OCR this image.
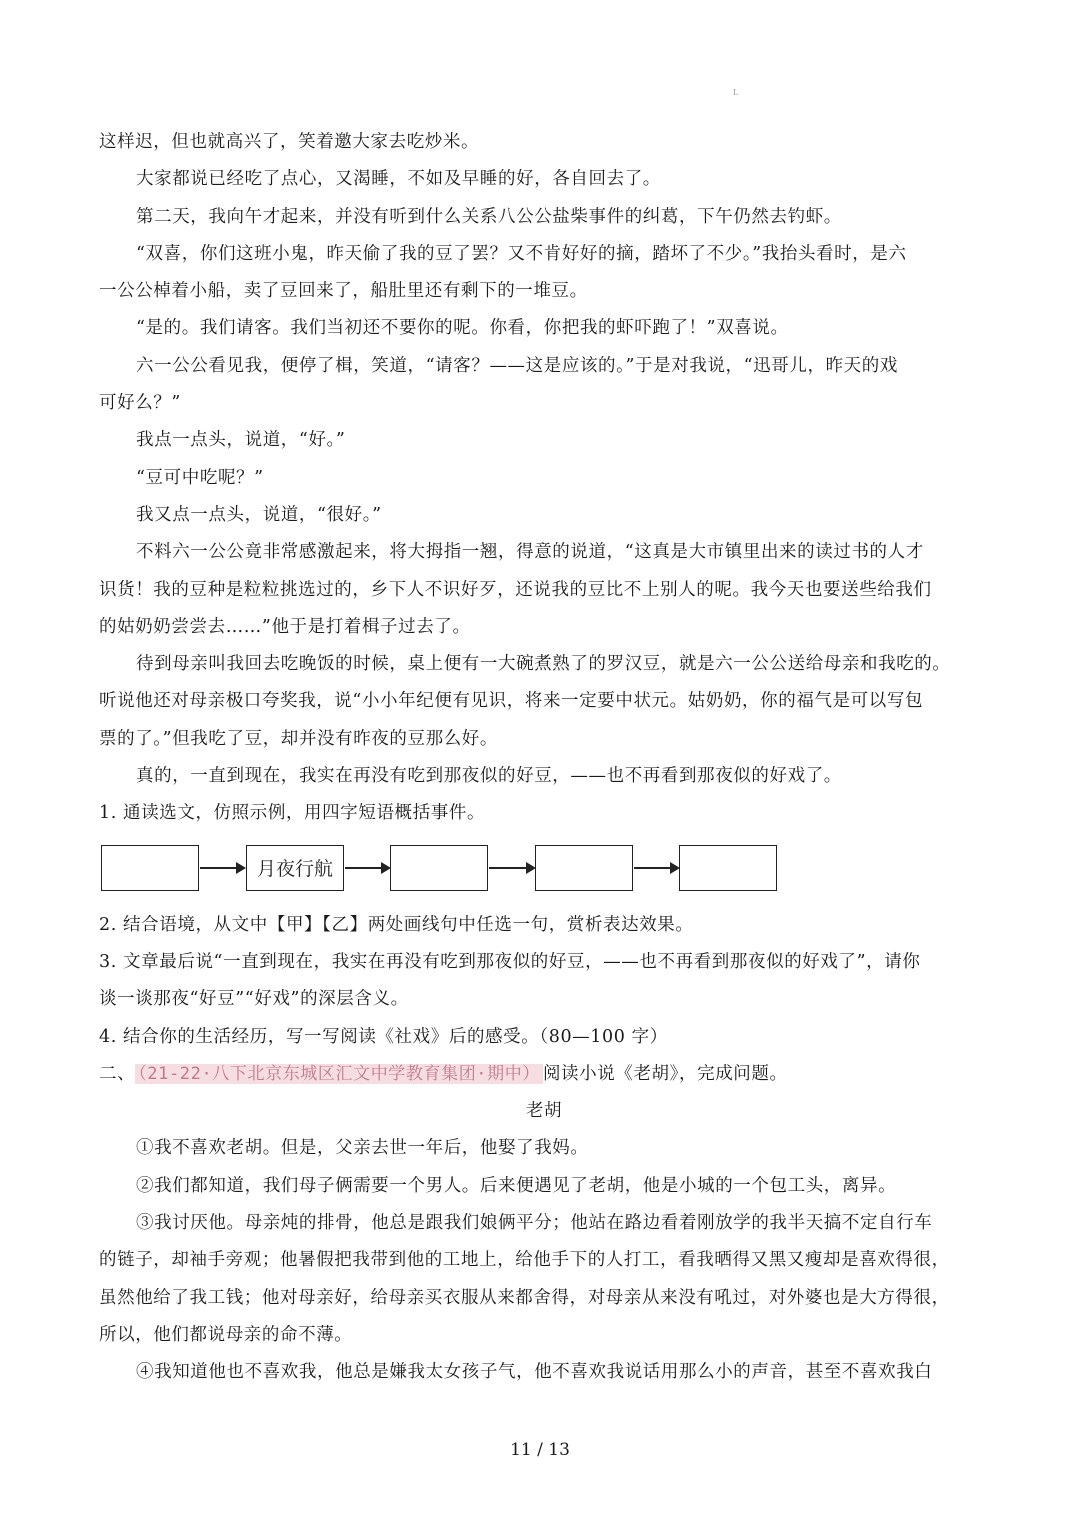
L

这样迟，但也就高兴了，笑着邀大家去吃炒米。

大家都说已经吃了点心，又渴睡，不如及早睡的好，各自回去了。

第二天，我向午才起来，并没有听到什么关系八公公盐柴事件的纠葛，下午仍然去钓虾。

“双喜，你们这班小鬼，昨天偷了我的豆了罢？又不肯好好的摘，踏坏了不少。”我抬头看时，是六

一公公棹着小船，卖了豆回来了，船肚里还有剩下的一堆豆。

“是的。我们请客。我们当初还不要你的呢。你看，你把我的虾吓跑了！”双喜说。

六一公公看见我，便停了楫，笑道，“请客？——这是应该的。”于是对我说，“迅哥儿，昨天的戏

可好么？”

我点一点头，说道，“好。”

“豆可中吃呢？”

我又点一点头，说道，“很好。”

不料六一公公竟非常感激起来，将大拇指一翘，得意的说道，“这真是大市镇里出来的读过书的人才

识货！我的豆种是粒粒挑选过的，乡下人不识好歹，还说我的豆比不上别人的呢。我今天也要送些给我们

的姑奶奶尝尝去……”他于是打着楫子过去了。

待到母亲叫我回去吃晚饭的时候，桌上便有一大碗煮熟了的罗汉豆，就是六一公公送给母亲和我吃的。

听说他还对母亲极口夸奖我，说“小小年纪便有见识，将来一定要中状元。姑奶奶，你的福气是可以写包

票的了。”但我吃了豆，却并没有昨夜的豆那么好。

真的，一直到现在，我实在再没有吃到那夜似的好豆，——也不再看到那夜似的好戏了。

1. 通读选文，仿照示例，用四字短语概括事件。

月夜行航

2. 结合语境，从文中【甲】【乙】两处画线句中任选一句，赏析表达效果。

3. 文章最后说“一直到现在，我实在再没有吃到那夜似的好豆，——也不再看到那夜似的好戏了”，请你

谈一谈那夜“好豆”“好戏”的深层含义。

4. 结合你的生活经历，写一写阅读《社戏》后的感受。（80—100 字）

二、 （21-22·八下北京东城区汇文中学教育集团·期中） 阅读小说《老胡》，完成问题。

老胡

①我不喜欢老胡。但是，父亲去世一年后，他娶了我妈。

②我们都知道，我们母子俩需要一个男人。后来便遇见了老胡，他是小城的一个包工头，离异。

③我讨厌他。母亲炖的排骨，他总是跟我们娘俩平分；他站在路边看着刚放学的我半天搞不定自行车

的链子，却袖手旁观；他暑假把我带到他的工地上，给他手下的人打工，看我晒得又黑又瘦却是喜欢得很，

虽然他给了我工钱；他对母亲好，给母亲买衣服从来都舍得，对母亲从来没有吼过，对外婆也是大方得很，

所以，他们都说母亲的命不薄。

④我知道他也不喜欢我，他总是嫌我太女孩子气，他不喜欢我说话用那么小的声音，甚至不喜欢我白

11 / 13
